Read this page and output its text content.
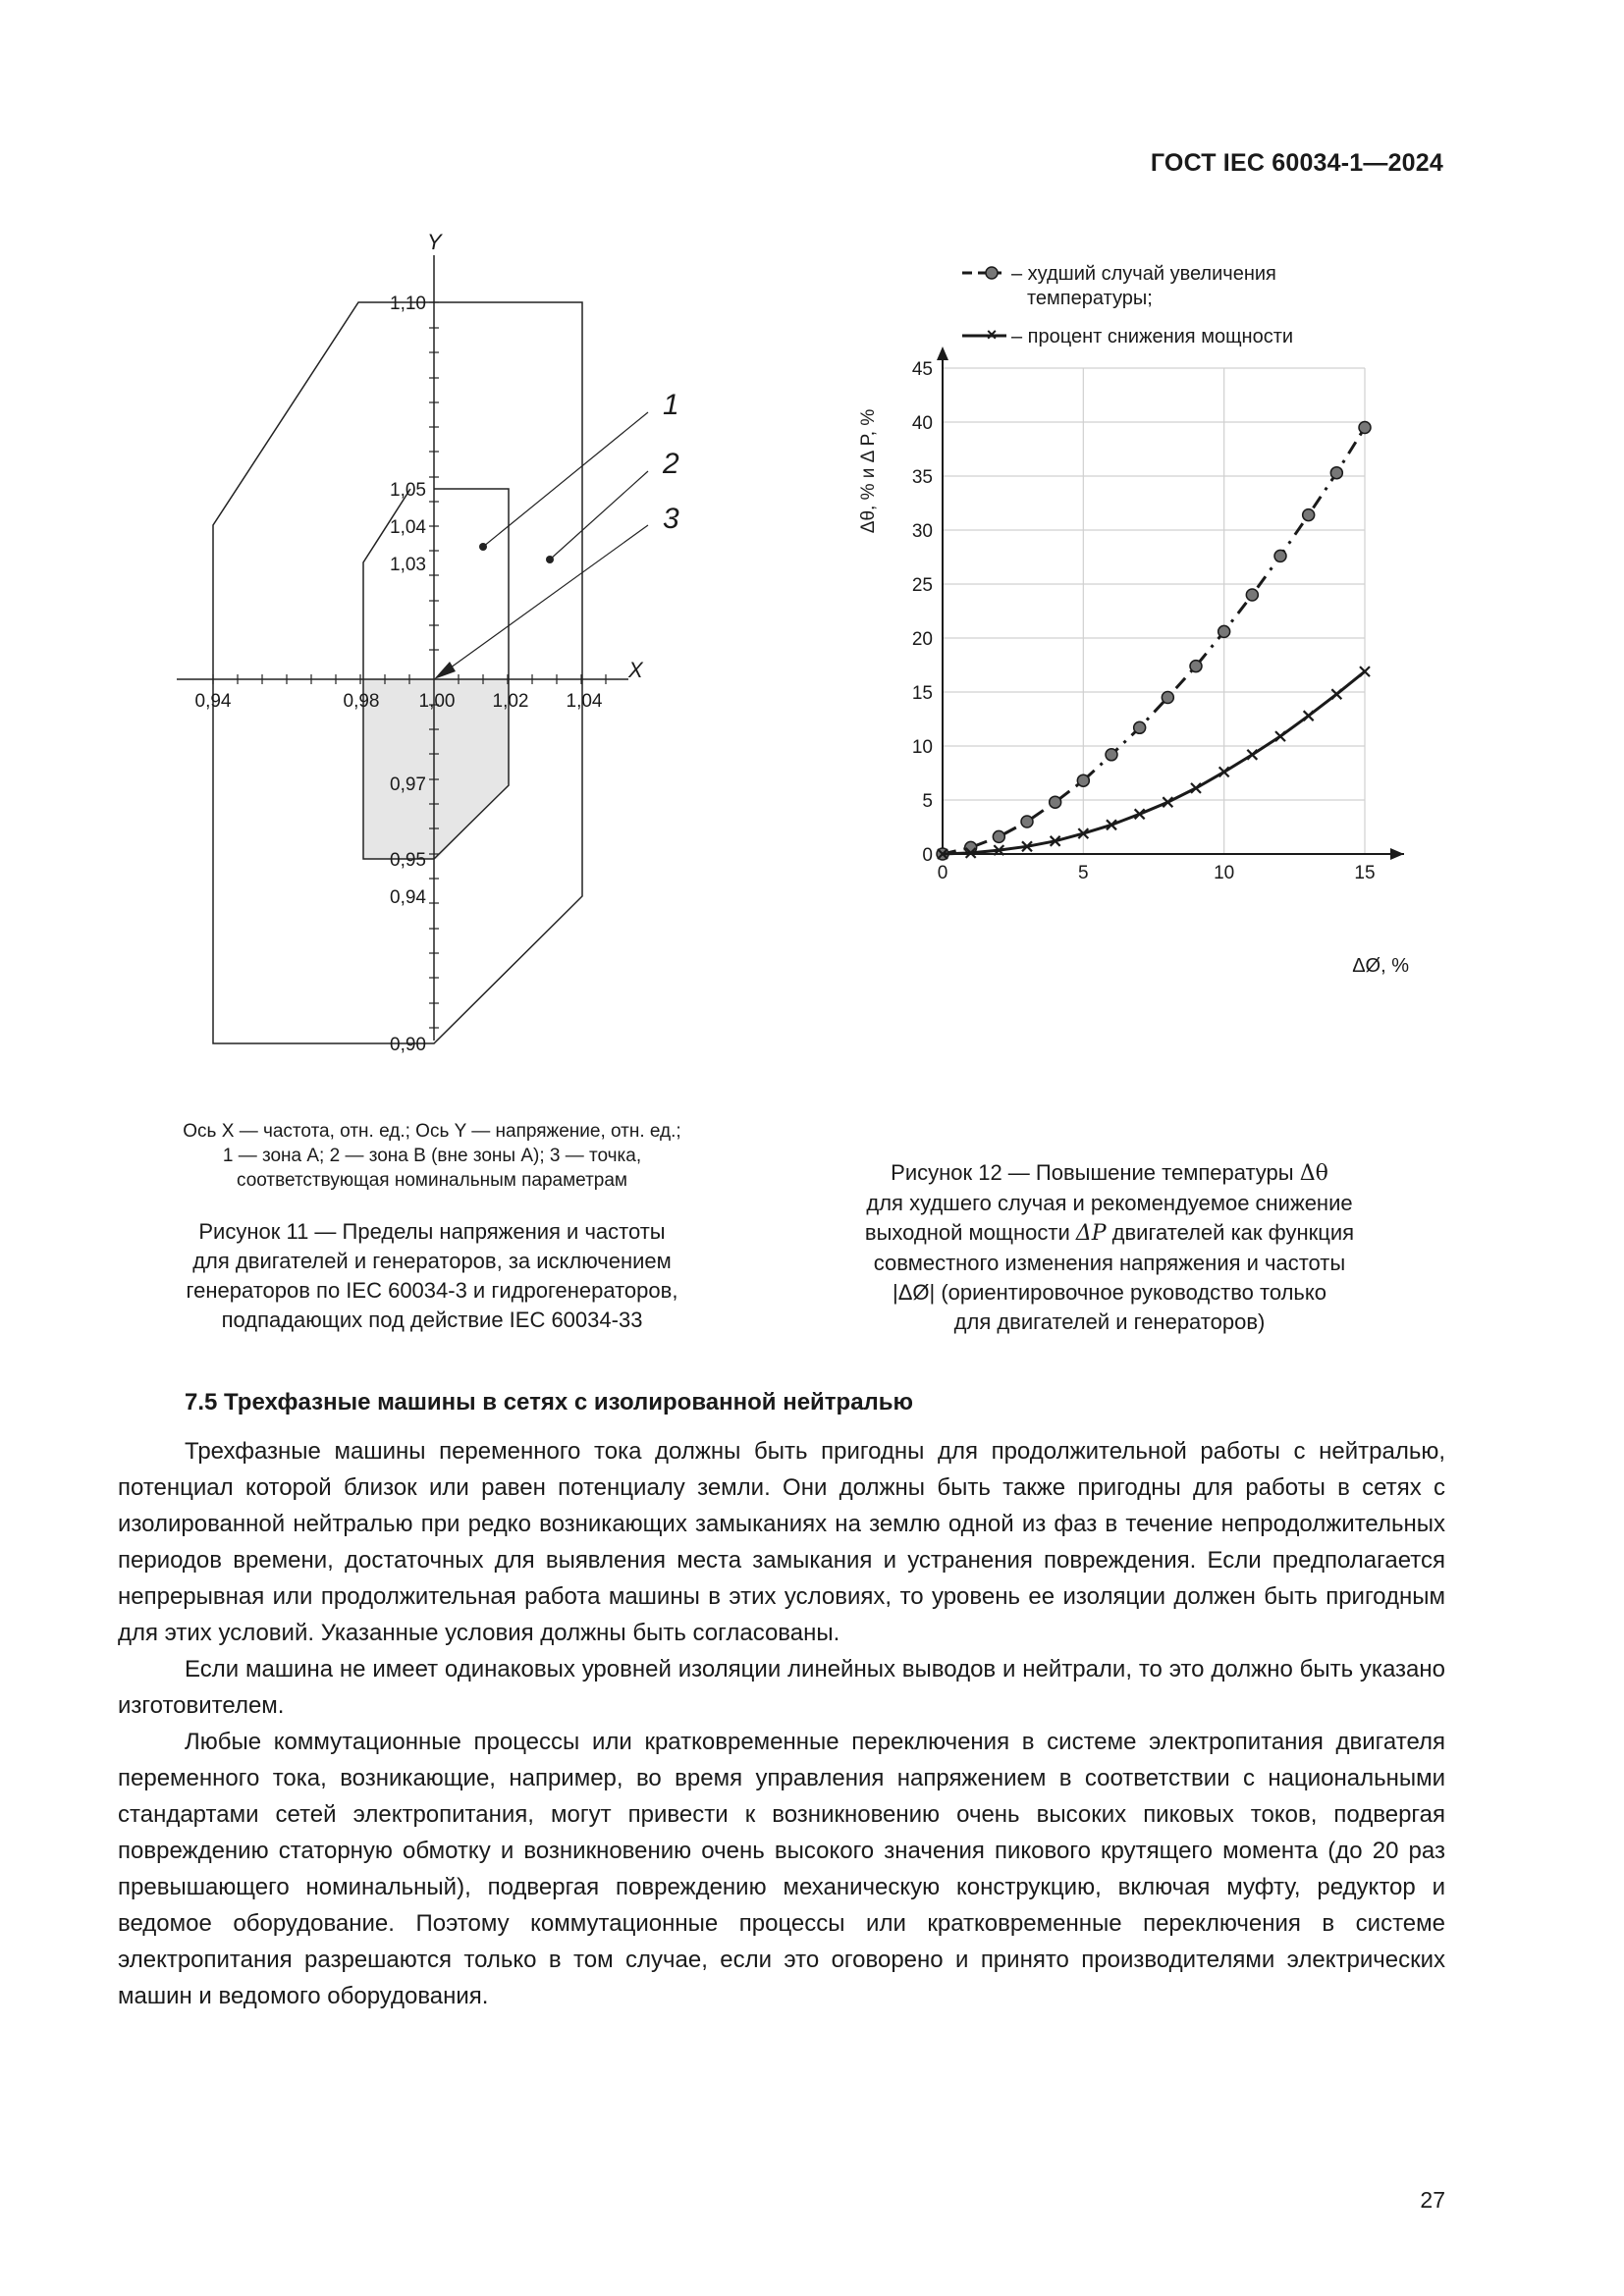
ГОСТ IEC 60034-1—2024
1
2
3
Y
X
0,94	0,98 1,00 1,02 1,04
1,10
1,05
1,04
1,03
0,97
0,95
0,94
0,90
Ось X — частота, отн. ед.; Ось Y — напряжение, отн. ед.;
1 — зона А; 2 — зона В (вне зоны А); 3 — точка,
соответствующая номинальным параметрам
Рисунок 11 — Пределы напряжения и частоты
для двигателей и генераторов, за исключением
генераторов по IEC 60034-3 и гидрогенераторов,
подпадающих под действие IEC 60034-33
– худший случай увеличения
температуры;
× – процент снижения мощности
0	5	10	15
0
5
10
15
20
25
30
35
40
45
Δθ, % и Δ P, %
ΔØ, %
Рисунок 12 — Повышение температуры Δθ
для худшего случая и рекомендуемое снижение
выходной мощности ΔP двигателей как функция
совместного изменения напряжения и частоты
|ΔØ| (ориентировочное руководство только
для двигателей и генераторов)
7.5 Трехфазные машины в сетях с изолированной нейтралью

Трехфазные машины переменного тока должны быть пригодны для продолжительной работы с нейтралью, потенциал которой близок или равен потенциалу земли. Они должны быть также пригодны для работы в сетях с изолированной нейтралью при редко возникающих замыканиях на землю одной из фаз в течение непродолжительных периодов времени, достаточных для выявления места замыкания и устранения повреждения. Если предполагается непрерывная или продолжительная работа машины в этих условиях, то уровень ее изоляции должен быть пригодным для этих условий. Указанные условия должны быть согласованы.

Если машина не имеет одинаковых уровней изоляции линейных выводов и нейтрали, то это должно быть указано изготовителем.

Любые коммутационные процессы или кратковременные переключения в системе электропитания двигателя переменного тока, возникающие, например, во время управления напряжением в соответствии с национальными стандартами сетей электропитания, могут привести к возникновению очень высоких пиковых токов, подвергая повреждению статорную обмотку и возникновению очень высокого значения пикового крутящего момента (до 20 раз превышающего номинальный), подвергая повреждению механическую конструкцию, включая муфту, редуктор и ведомое оборудование. Поэтому коммутационные процессы или кратковременные переключения в системе электропитания разрешаются только в том случае, если это оговорено и принято производителями электрических машин и ведомого оборудования.

27
